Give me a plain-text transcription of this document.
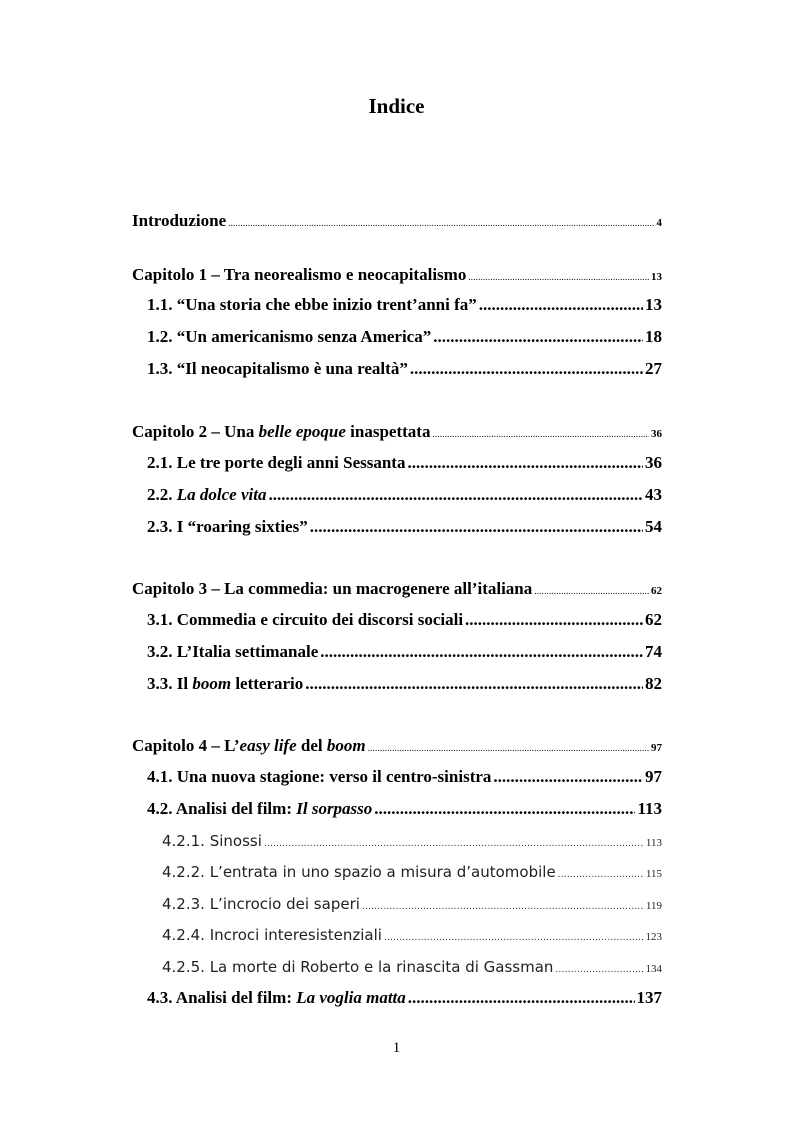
Indice
Introduzione .....	4
Capitolo 1 – Tra neorealismo e neocapitalismo .....	13
1.1. “Una storia che ebbe inizio trent’anni fa” .....	13
1.2. “Un americanismo senza America” .....	18
1.3. “Il neocapitalismo è una realtà” .....	27
Capitolo 2 – Una belle epoque inaspettata .....	36
2.1. Le tre porte degli anni Sessanta .....	36
2.2. La dolce vita .....	43
2.3. I “roaring sixties” .....	54
Capitolo 3 – La commedia: un macrogenere all’italiana .....	62
3.1. Commedia e circuito dei discorsi sociali .....	62
3.2. L’Italia settimanale .....	74
3.3. Il boom letterario .....	82
Capitolo 4 – L’easy life del boom .....	97
4.1. Una nuova stagione: verso il centro-sinistra .....	97
4.2. Analisi del film: Il sorpasso .....	113
4.2.1. Sinossi .....	113
4.2.2. L’entrata in uno spazio a misura d’automobile .....	115
4.2.3. L’incrocio dei saperi .....	119
4.2.4. Incroci interesistenziali .....	123
4.2.5. La morte di Roberto e la rinascita di Gassman .....	134
4.3. Analisi del film: La voglia matta .....	137
1
